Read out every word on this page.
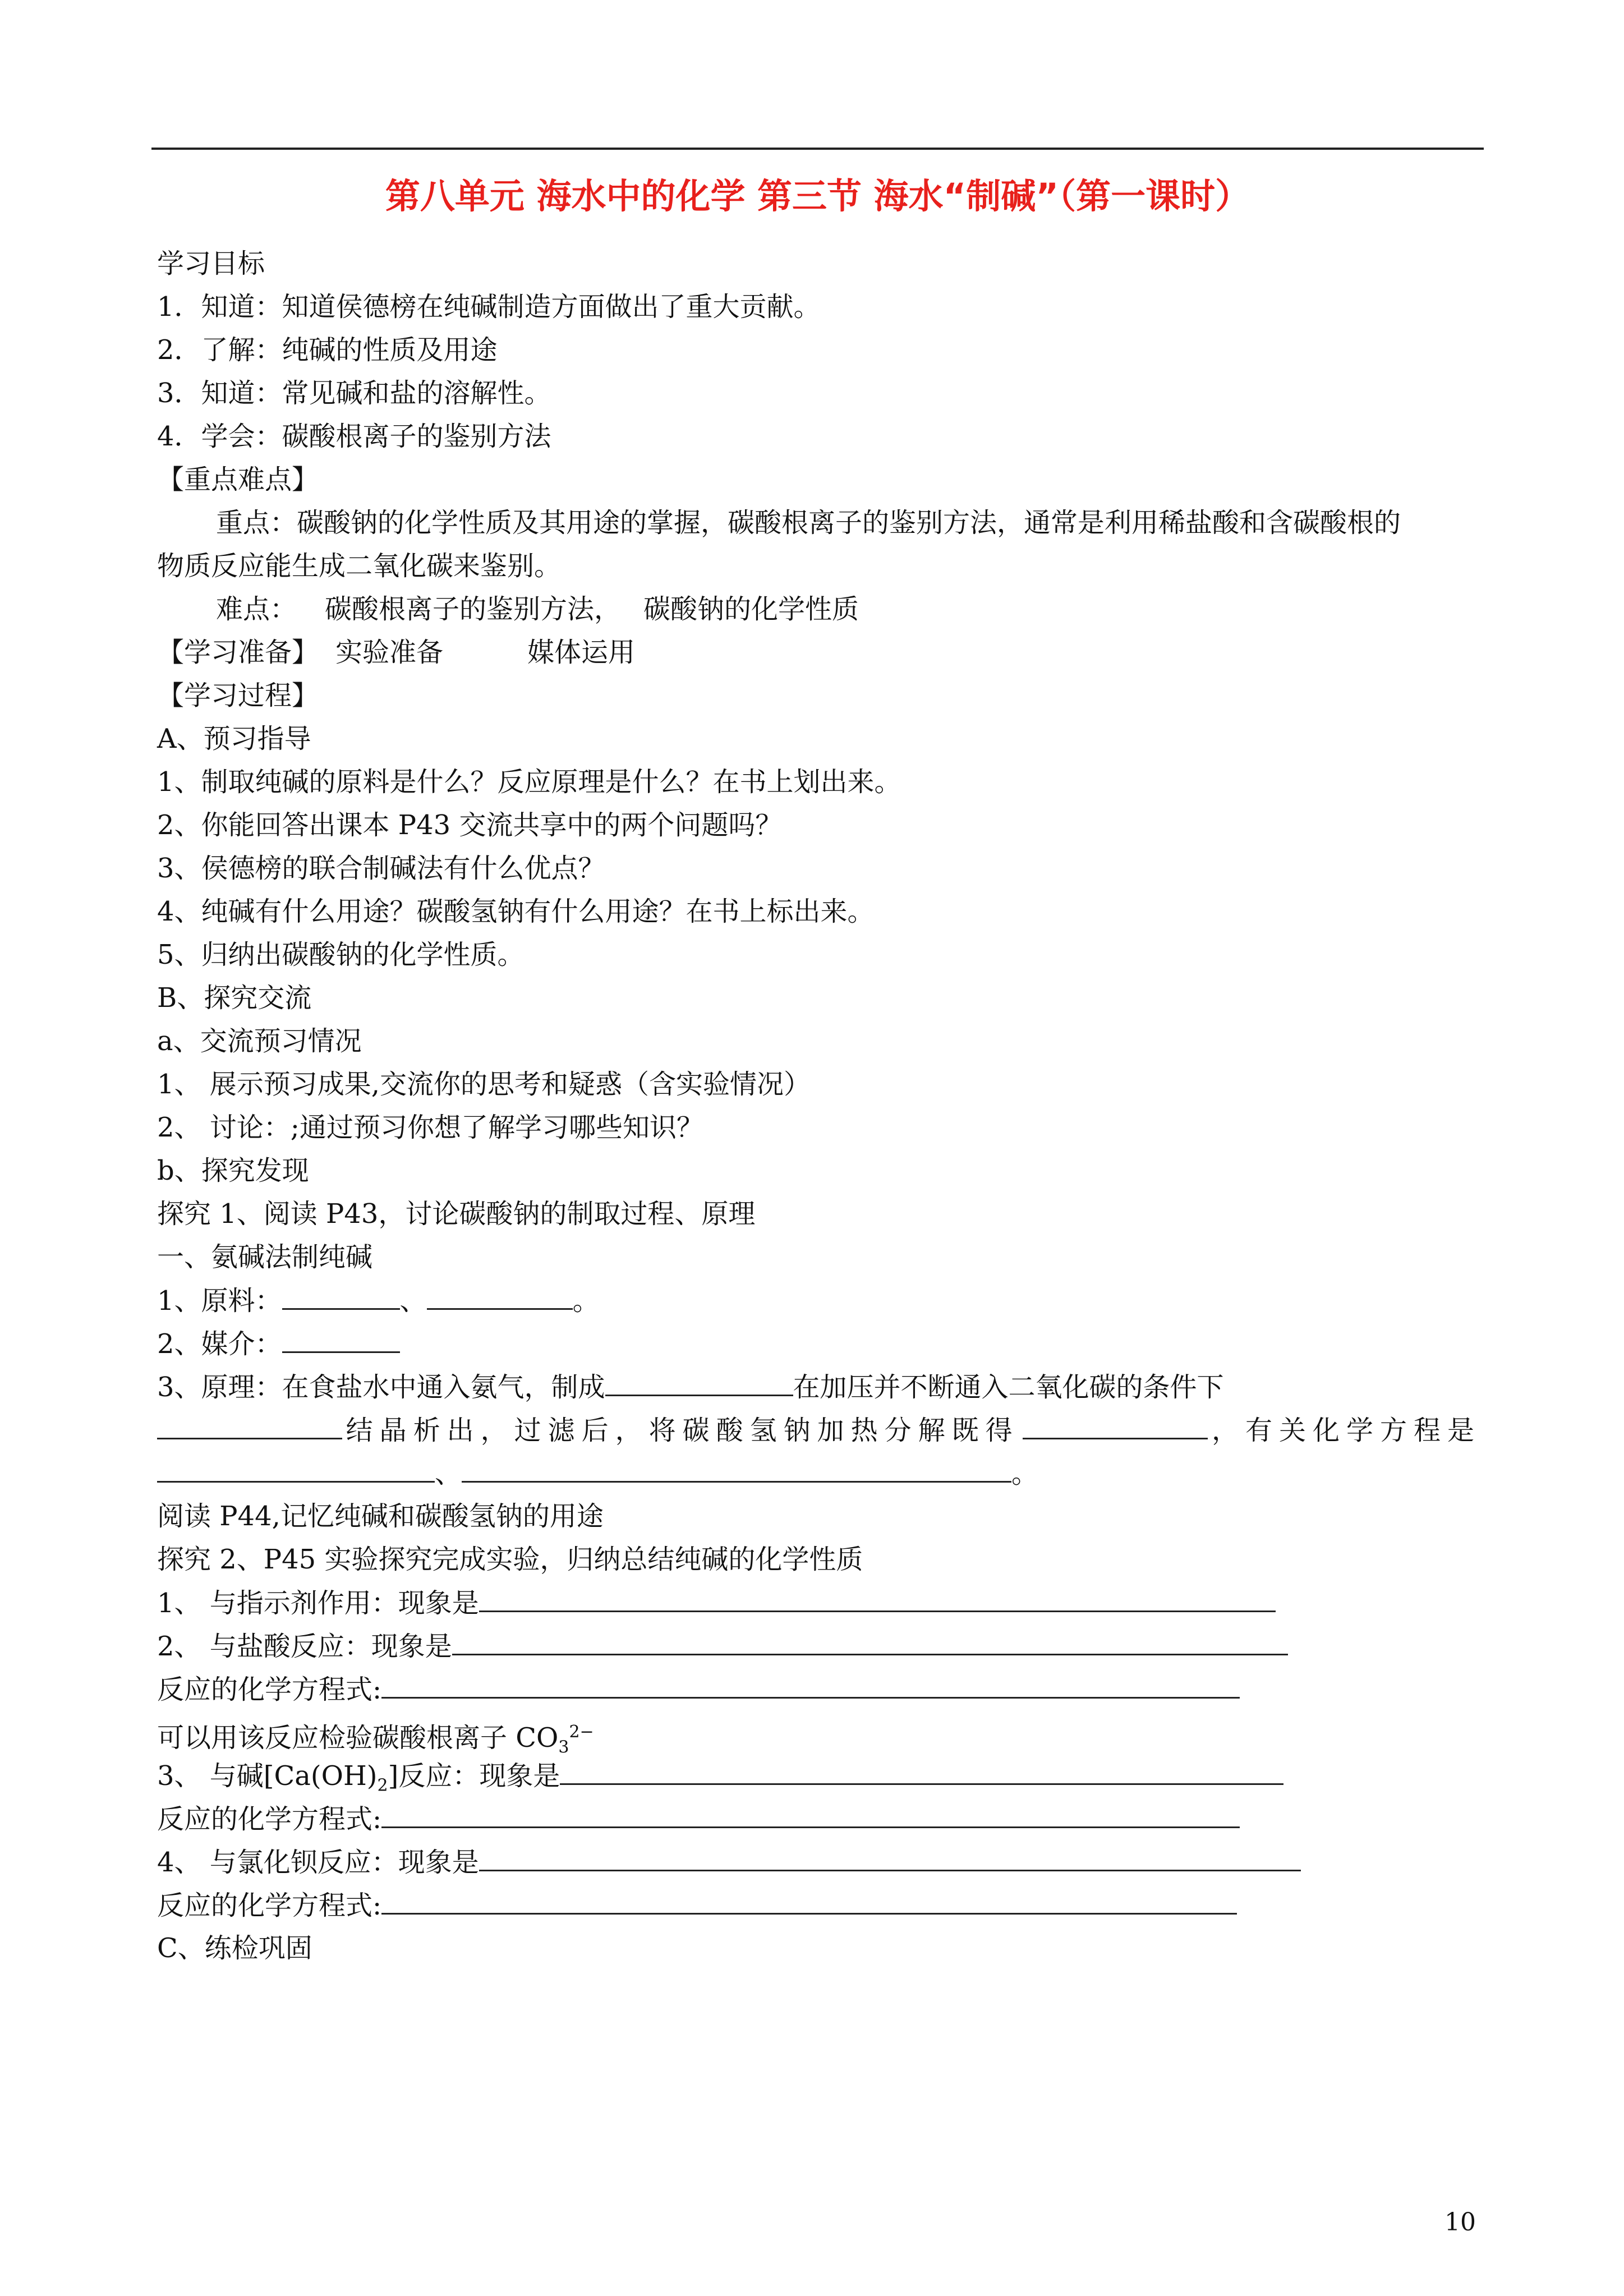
第八单元 海水中的化学 第三节 海水“制碱”（第一课时）
学习目标
1．知道：知道侯德榜在纯碱制造方面做出了重大贡献。
2．了解：纯碱的性质及用途
3．知道：常见碱和盐的溶解性。
4．学会：碳酸根离子的鉴别方法
【重点难点】
重点：碳酸钠的化学性质及其用途的掌握，碳酸根离子的鉴别方法，通常是利用稀盐酸和含碳酸根的
物质反应能生成二氧化碳来鉴别。
难点： 碳酸根离子的鉴别方法， 碳酸钠的化学性质
【学习准备】 实验准备	媒体运用
【学习过程】
A、预习指导
1、制取纯碱的原料是什么？反应原理是什么？在书上划出来。
2、你能回答出课本 P43 交流共享中的两个问题吗？
3、侯德榜的联合制碱法有什么优点？
4、纯碱有什么用途？碳酸氢钠有什么用途？在书上标出来。
5、归纳出碳酸钠的化学性质。
B、探究交流
a、交流预习情况
1、 展示预习成果,交流你的思考和疑惑（含实验情况）
2、 讨论：;通过预习你想了解学习哪些知识？
b、探究发现
探究 1、阅读 P43，讨论碳酸钠的制取过程、原理
一、氨碱法制纯碱
1、原料：	、	。
2、媒介：
3、原理：在食盐水中通入氨气，制成	在加压并不断通入二氧化碳的条件下
结晶析出，过滤后，将碳酸氢钠加热分解既得	，有关化学方程是
、	。
阅读 P44,记忆纯碱和碳酸氢钠的用途
探究 2、P45 实验探究完成实验，归纳总结纯碱的化学性质
1、 与指示剂作用：现象是
2、 与盐酸反应：现象是
反应的化学方程式:
可以用该反应检验碳酸根离子 $CO_3^{2-}$
3、 与碱$[Ca(OH)_2]$反应：现象是
反应的化学方程式:
4、 与氯化钡反应：现象是
反应的化学方程式:
C、练检巩固
10
